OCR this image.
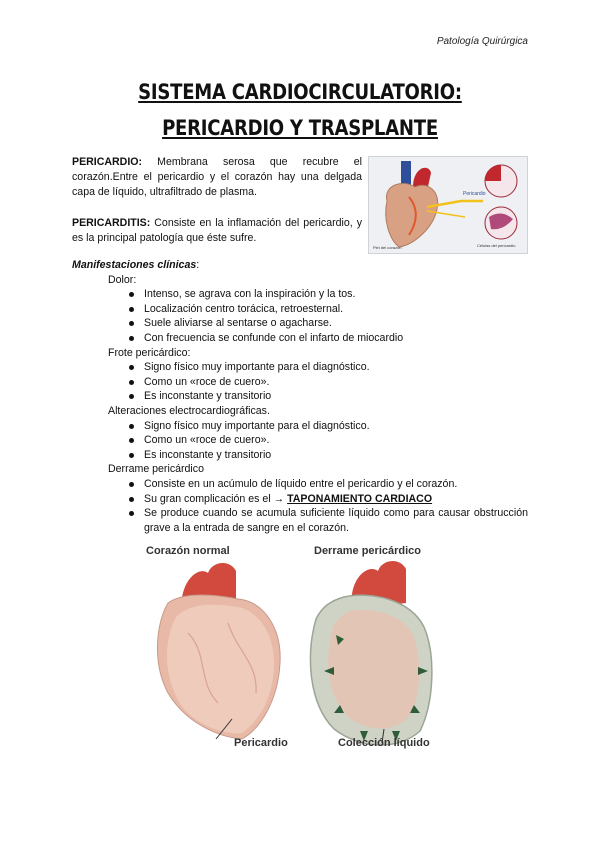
Patología Quirúrgica
SISTEMA CARDIOCIRCULATORIO: PERICARDIO Y TRASPLANTE

PERICARDIO: Membrana serosa que recubre el corazón.Entre el pericardio y el corazón hay una delgada capa de líquido, ultrafiltrado de plasma.

PERICARDITIS: Consiste en la inflamación del pericardio, y es la principal patología que éste sufre.

Pericardio
Células del pericardio
Piel del corazón
Manifestaciones clínicas:
Dolor:
Intenso, se agrava con la inspiración y la tos.
Localización centro torácica, retroesternal.
Suele aliviarse al sentarse o agacharse.
Con frecuencia se confunde con el infarto de miocardio
Frote pericárdico:
Signo físico muy importante para el diagnóstico.
Como un «roce de cuero».
Es inconstante y transitorio
Alteraciones electrocardiográficas.
Signo físico muy importante para el diagnóstico.
Como un «roce de cuero».
Es inconstante y transitorio
Derrame pericárdico
Consiste en un acúmulo de líquido entre el pericardio y el corazón.
Su gran complicación es el → TAPONAMIENTO CARDIACO
Se produce cuando se acumula suficiente líquido como para causar obstrucción grave a la entrada de sangre en el corazón.
Corazón normal	Derrame pericárdico
Pericardio	Colección líquido
